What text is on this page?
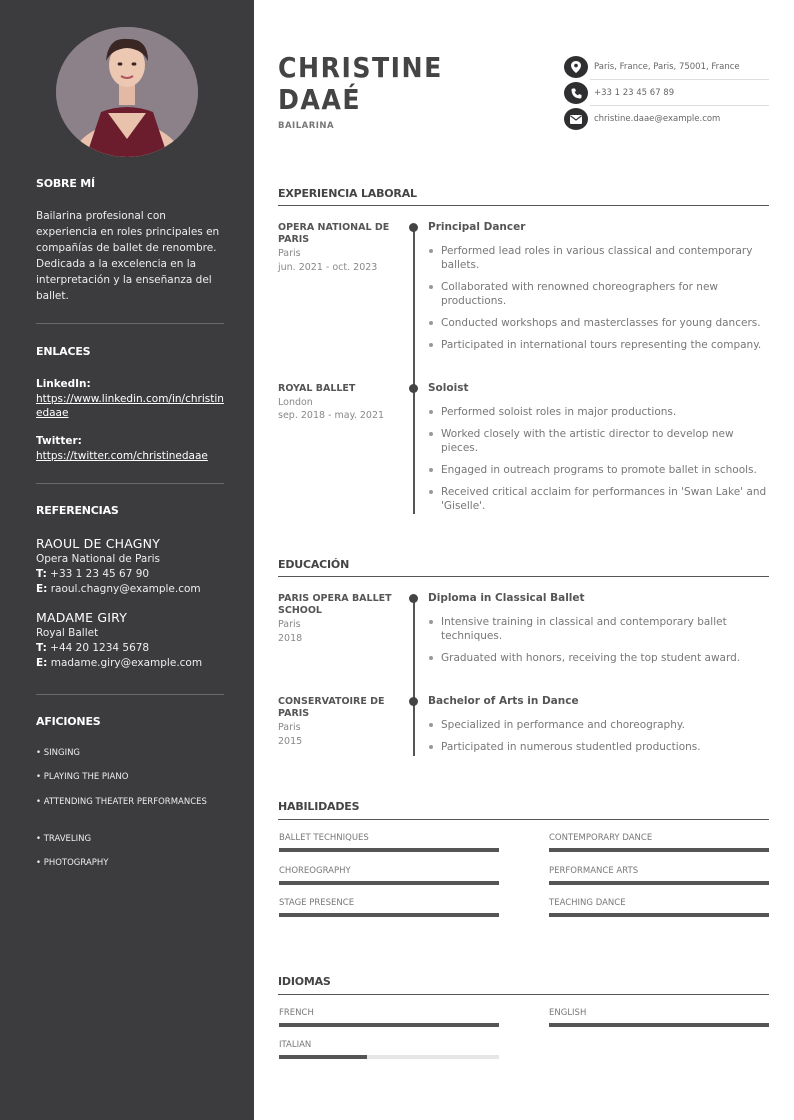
SOBRE MÍ
Bailarina profesional con experiencia en roles principales en compañías de ballet de renombre. Dedicada a la excelencia en la interpretación y la enseñanza del ballet.
ENLACES
LinkedIn:
https://www.linkedin.com/in/christinedaae
Twitter:
https://twitter.com/christinedaae
REFERENCIAS
RAOUL DE CHAGNY
Opera National de Paris
T: +33 1 23 45 67 90
E: raoul.chagny@example.com
MADAME GIRY
Royal Ballet
T: +44 20 1234 5678
E: madame.giry@example.com
AFICIONES
• SINGING
• PLAYING THE PIANO
• ATTENDING THEATER PERFORMANCES
• TRAVELING
• PHOTOGRAPHY
CHRISTINE
DAAÉ
BAILARINA
Paris, France, Paris, 75001, France
+33 1 23 45 67 89
christine.daae@example.com
EXPERIENCIA LABORAL
OPERA NATIONAL DE PARIS
Paris
jun. 2021 - oct. 2023
Principal Dancer
Performed lead roles in various classical and contemporary ballets.
Collaborated with renowned choreographers for new productions.
Conducted workshops and masterclasses for young dancers.
Participated in international tours representing the company.
ROYAL BALLET
London
sep. 2018 - may. 2021
Soloist
Performed soloist roles in major productions.
Worked closely with the artistic director to develop new pieces.
Engaged in outreach programs to promote ballet in schools.
Received critical acclaim for performances in 'Swan Lake' and 'Giselle'.
EDUCACIÓN
PARIS OPERA BALLET SCHOOL
Paris
2018
Diploma in Classical Ballet
Intensive training in classical and contemporary ballet techniques.
Graduated with honors, receiving the top student award.
CONSERVATOIRE DE PARIS
Paris
2015
Bachelor of Arts in Dance
Specialized in performance and choreography.
Participated in numerous studentled productions.
HABILIDADES
BALLET TECHNIQUES	CONTEMPORARY DANCE
CHOREOGRAPHY	PERFORMANCE ARTS
STAGE PRESENCE	TEACHING DANCE
IDIOMAS
FRENCH	ENGLISH
ITALIAN
